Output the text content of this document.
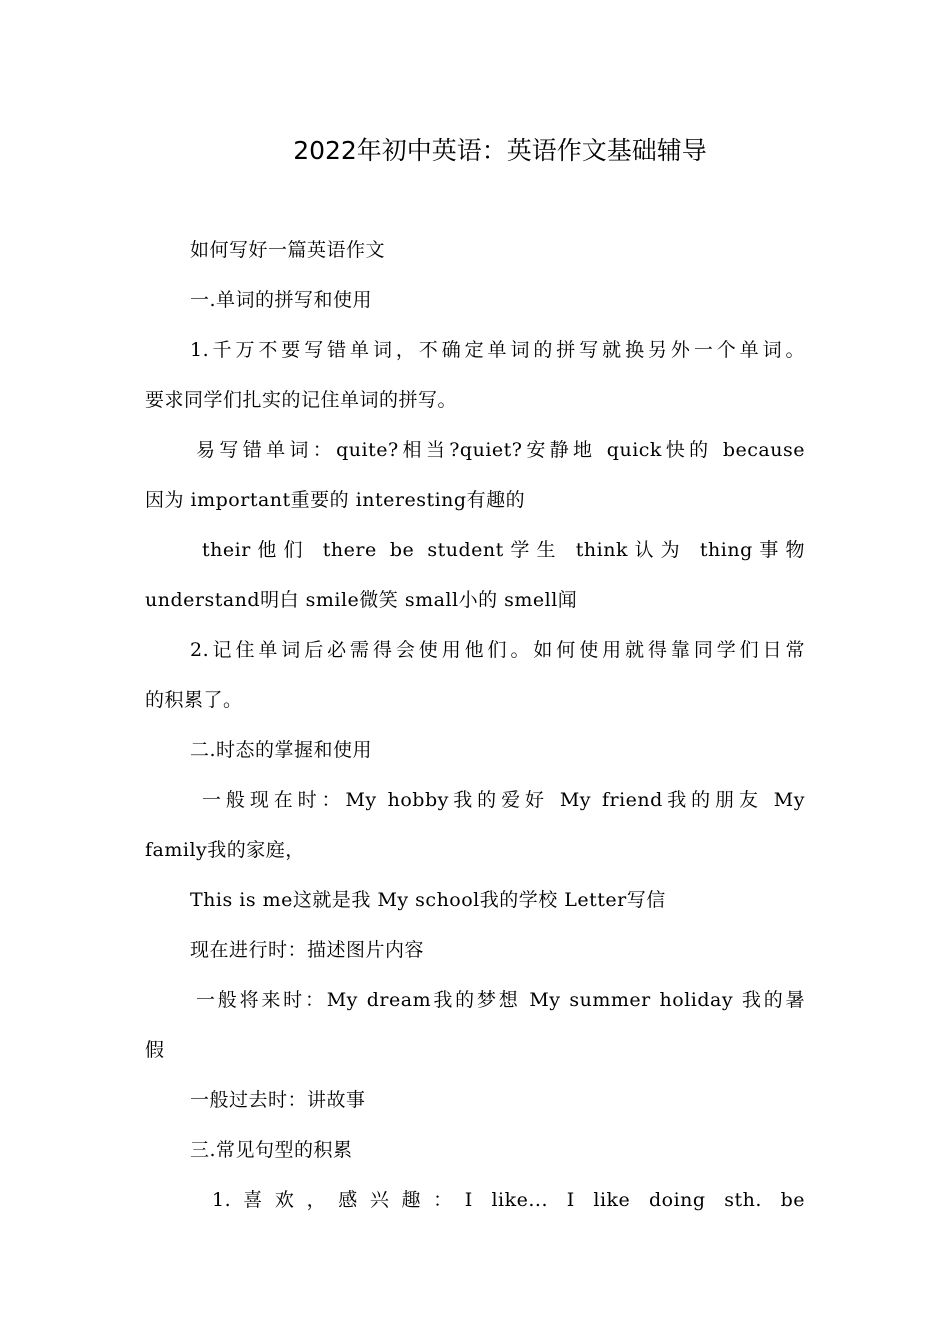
2022年初中英语：英语作文基础辅导
如何写好一篇英语作文
一.单词的拼写和使用
1.千万不要写错单词，不确定单词的拼写就换另外一个单词。
要求同学们扎实的记住单词的拼写。
易写错单词：quite?相当?quiet?安静地 quick快的 because
因为 important重要的 interesting有趣的
their他们 there be student学生 think认为 thing事物
understand明白 smile微笑 small小的 smell闻
2.记住单词后必需得会使用他们。如何使用就得靠同学们日常
的积累了。
二.时态的掌握和使用
一般现在时：My hobby我的爱好 My friend我的朋友 My
family我的家庭，
This is me这就是我 My school我的学校 Letter写信
现在进行时：描述图片内容
一般将来时：My dream我的梦想 My summer holiday 我的暑
假
一般过去时：讲故事
三.常见句型的积累
1.喜欢，感兴趣：I like... I like doing sth. be
